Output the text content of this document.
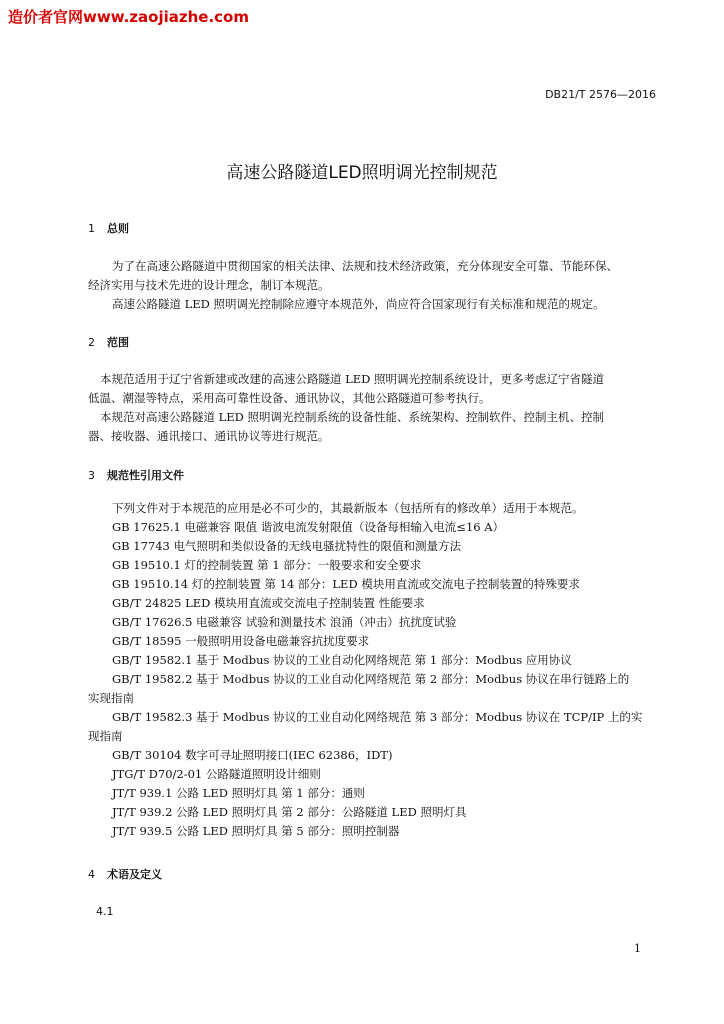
造价者官网www.zaojiazhe.com
DB21/T 2576—2016
高速公路隧道LED照明调光控制规范
1 总则
为了在高速公路隧道中贯彻国家的相关法律、法规和技术经济政策，充分体现安全可靠、节能环保、
经济实用与技术先进的设计理念，制订本规范。
高速公路隧道 LED 照明调光控制除应遵守本规范外，尚应符合国家现行有关标准和规范的规定。
2 范围
本规范适用于辽宁省新建或改建的高速公路隧道 LED 照明调光控制系统设计，更多考虑辽宁省隧道
低温、潮湿等特点，采用高可靠性设备、通讯协议，其他公路隧道可参考执行。
本规范对高速公路隧道 LED 照明调光控制系统的设备性能、系统架构、控制软件、控制主机、控制
器、接收器、通讯接口、通讯协议等进行规范。
3 规范性引用文件
下列文件对于本规范的应用是必不可少的，其最新版本（包括所有的修改单）适用于本规范。
GB 17625.1 电磁兼容 限值 谐波电流发射限值（设备每相输入电流≤16 A）
GB 17743 电气照明和类似设备的无线电骚扰特性的限值和测量方法
GB 19510.1 灯的控制装置 第 1 部分：一般要求和安全要求
GB 19510.14 灯的控制装置 第 14 部分：LED 模块用直流或交流电子控制装置的特殊要求
GB/T 24825 LED 模块用直流或交流电子控制装置 性能要求
GB/T 17626.5 电磁兼容 试验和测量技术 浪涌（冲击）抗扰度试验
GB/T 18595 一般照明用设备电磁兼容抗扰度要求
GB/T 19582.1 基于 Modbus 协议的工业自动化网络规范 第 1 部分：Modbus 应用协议
GB/T 19582.2 基于 Modbus 协议的工业自动化网络规范 第 2 部分：Modbus 协议在串行链路上的
实现指南
GB/T 19582.3 基于 Modbus 协议的工业自动化网络规范 第 3 部分：Modbus 协议在 TCP/IP 上的实
现指南
GB/T 30104 数字可寻址照明接口(IEC 62386，IDT)
JTG/T D70/2-01 公路隧道照明设计细则
JT/T 939.1 公路 LED 照明灯具 第 1 部分：通则
JT/T 939.2 公路 LED 照明灯具 第 2 部分：公路隧道 LED 照明灯具
JT/T 939.5 公路 LED 照明灯具 第 5 部分：照明控制器
4 术语及定义
4.1
1
